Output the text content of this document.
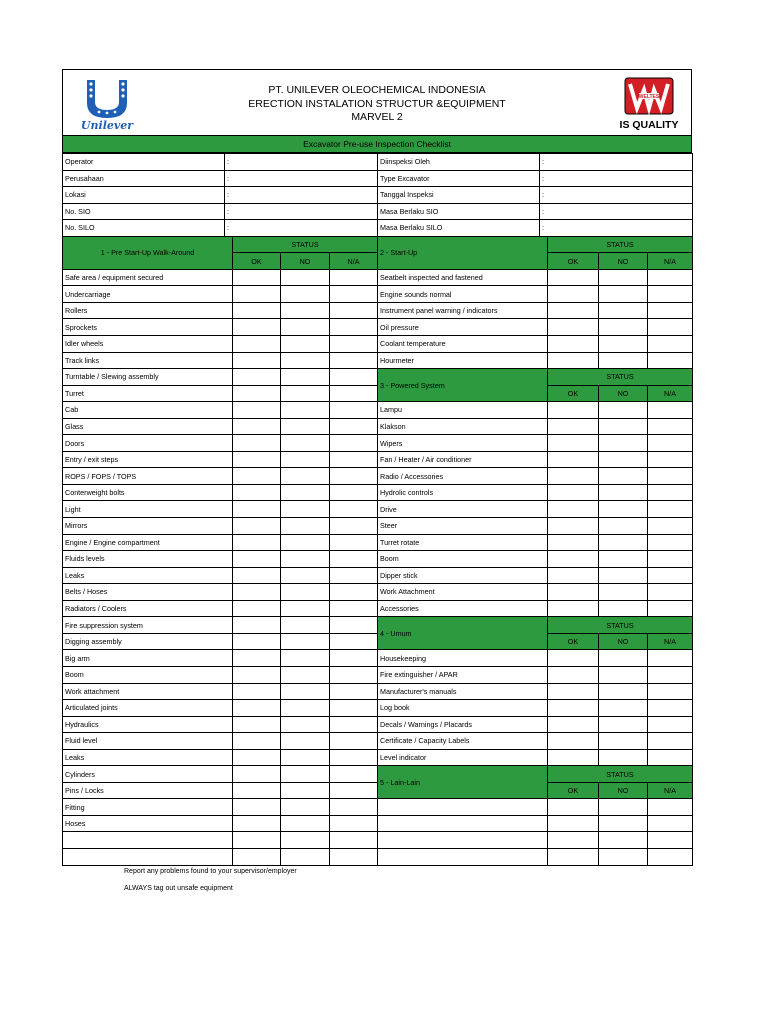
Unilever
PT. UNILEVER OLEOCHEMICAL INDONESIA
ERECTION INSTALATION STRUCTUR &EQUIPMENT
MARVEL 2
WELTES
IS QUALITY
Excavator Pre-use Inspection Checklist
Operator	:				Diinspeksi Oleh	:			
Perusahaan	:				Type Excavator	:			
Lokasi	:				Tanggal Inspeksi	:			
No. SIO	:				Masa Berlaku SIO	:			
No. SILO	:				Masa Berlaku SILO	:			
1 - Pre Start-Up Walk-Around		STATUS			2 - Start-Up		STATUS		
		OK	NO	N/A			OK	NO	N/A
Safe area / equipment secured					Seatbelt inspected and fastened				
Undercarriage					Engine sounds normal				
Rollers					Instrument panel warning / indicators				
Sprockets					Oil pressure				
Idler wheels					Coolant temperature				
Track links					Hourmeter				
Turntable / Slewing assembly					3 - Powered System		STATUS		
Turret							OK	NO	N/A
Cab					Lampu				
Glass					Klakson				
Doors					Wipers				
Entry / exit steps					Fan / Heater / Air conditioner				
ROPS / FOPS / TOPS					Radio / Accessories				
Conterweight bolts					Hydrolic controls				
Light					Drive				
Mirrors					Steer				
Engine / Engine compartment					Turret rotate				
Fluids levels					Boom				
Leaks					Dipper stick				
Belts / Hoses					Work Attachment				
Radiators / Coolers					Accessories				
Fire suppression system					4 - Umum		STATUS		
Digging assembly							OK	NO	N/A
Big arm					Housekeeping				
Boom					Fire extinguisher / APAR				
Work attachment					Manufacturer's manuals				
Articulated joints					Log book				
Hydraulics					Decals / Warnings / Placards				
Fluid level					Certificate / Capacity Labels				
Leaks					Level indicator				
Cylinders					5 - Lain-Lain		STATUS		
Pins / Locks							OK	NO	N/A
Fitting									
Hoses									

Report any problems found to your supervisor/employer
ALWAYS tag out unsafe equipment
